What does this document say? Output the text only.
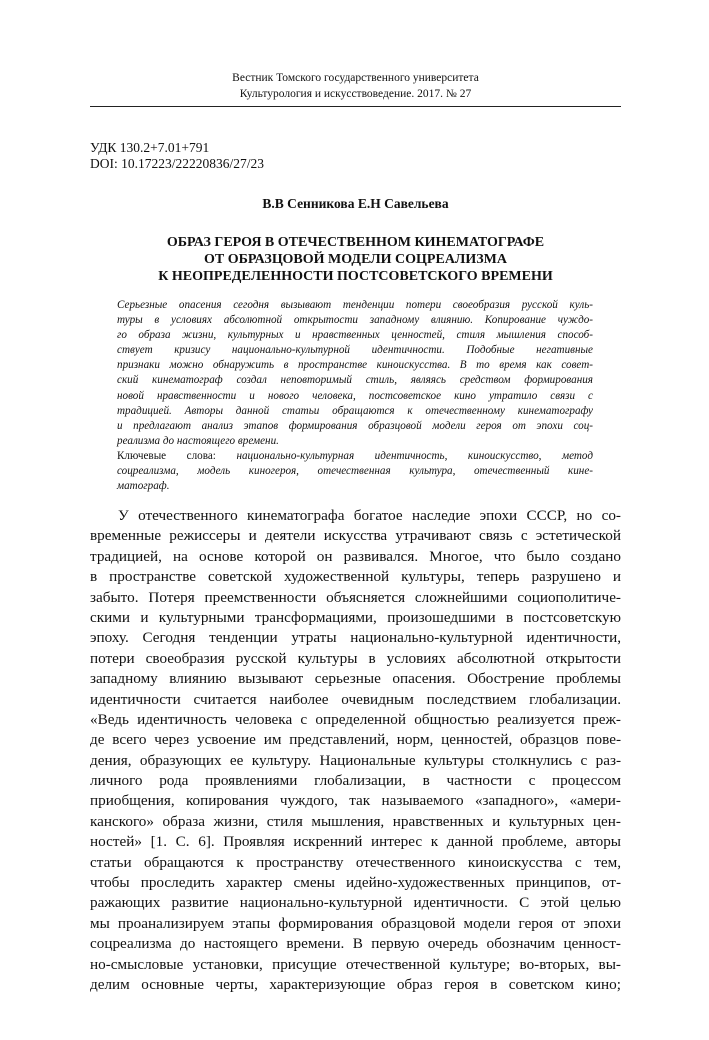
Вестник Томского государственного университета
Культурология и искусствоведение. 2017. № 27
УДК 130.2+7.01+791
DOI: 10.17223/22220836/27/23
В.В Сенникова Е.Н Савельева
ОБРАЗ ГЕРОЯ В ОТЕЧЕСТВЕННОМ КИНЕМАТОГРАФЕ
ОТ ОБРАЗЦОВОЙ МОДЕЛИ СОЦРЕАЛИЗМА
К НЕОПРЕДЕЛЕННОСТИ ПОСТСОВЕТСКОГО ВРЕМЕНИ
Серьезные опасения сегодня вызывают тенденции потери своеобразия русской куль-
туры в условиях абсолютной открытости западному влиянию. Копирование чуждо-
го образа жизни, культурных и нравственных ценностей, стиля мышления способ-
ствует кризису национально-культурной идентичности. Подобные негативные
признаки можно обнаружить в пространстве киноискусства. В то время как совет-
ский кинематограф создал неповторимый стиль, являясь средством формирования
новой нравственности и нового человека, постсоветское кино утратило связи с
традицией. Авторы данной статьи обращаются к отечественному кинематографу
и предлагают анализ этапов формирования образцовой модели героя от эпохи соц-
реализма до настоящего времени.
Ключевые слова: национально-культурная идентичность, киноискусство, метод
соцреализма, модель киногероя, отечественная культура, отечественный кине-
матограф.
У отечественного кинематографа богатое наследие эпохи СССР, но со-
временные режиссеры и деятели искусства утрачивают связь с эстетической
традицией, на основе которой он развивался. Многое, что было создано
в пространстве советской художественной культуры, теперь разрушено и
забыто. Потеря преемственности объясняется сложнейшими социополитиче-
скими и культурными трансформациями, произошедшими в постсоветскую
эпоху. Сегодня тенденции утраты национально-культурной идентичности,
потери своеобразия русской культуры в условиях абсолютной открытости
западному влиянию вызывают серьезные опасения. Обострение проблемы
идентичности считается наиболее очевидным последствием глобализации.
«Ведь идентичность человека с определенной общностью реализуется преж-
де всего через усвоение им представлений, норм, ценностей, образцов пове-
дения, образующих ее культуру. Национальные культуры столкнулись с раз-
личного рода проявлениями глобализации, в частности с процессом
приобщения, копирования чуждого, так называемого «западного», «амери-
канского» образа жизни, стиля мышления, нравственных и культурных цен-
ностей» [1. С. 6]. Проявляя искренний интерес к данной проблеме, авторы
статьи обращаются к пространству отечественного киноискусства с тем,
чтобы проследить характер смены идейно-художественных принципов, от-
ражающих развитие национально-культурной идентичности. С этой целью
мы проанализируем этапы формирования образцовой модели героя от эпохи
соцреализма до настоящего времени. В первую очередь обозначим ценност-
но-смысловые установки, присущие отечественной культуре; во-вторых, вы-
делим основные черты, характеризующие образ героя в советском кино;
